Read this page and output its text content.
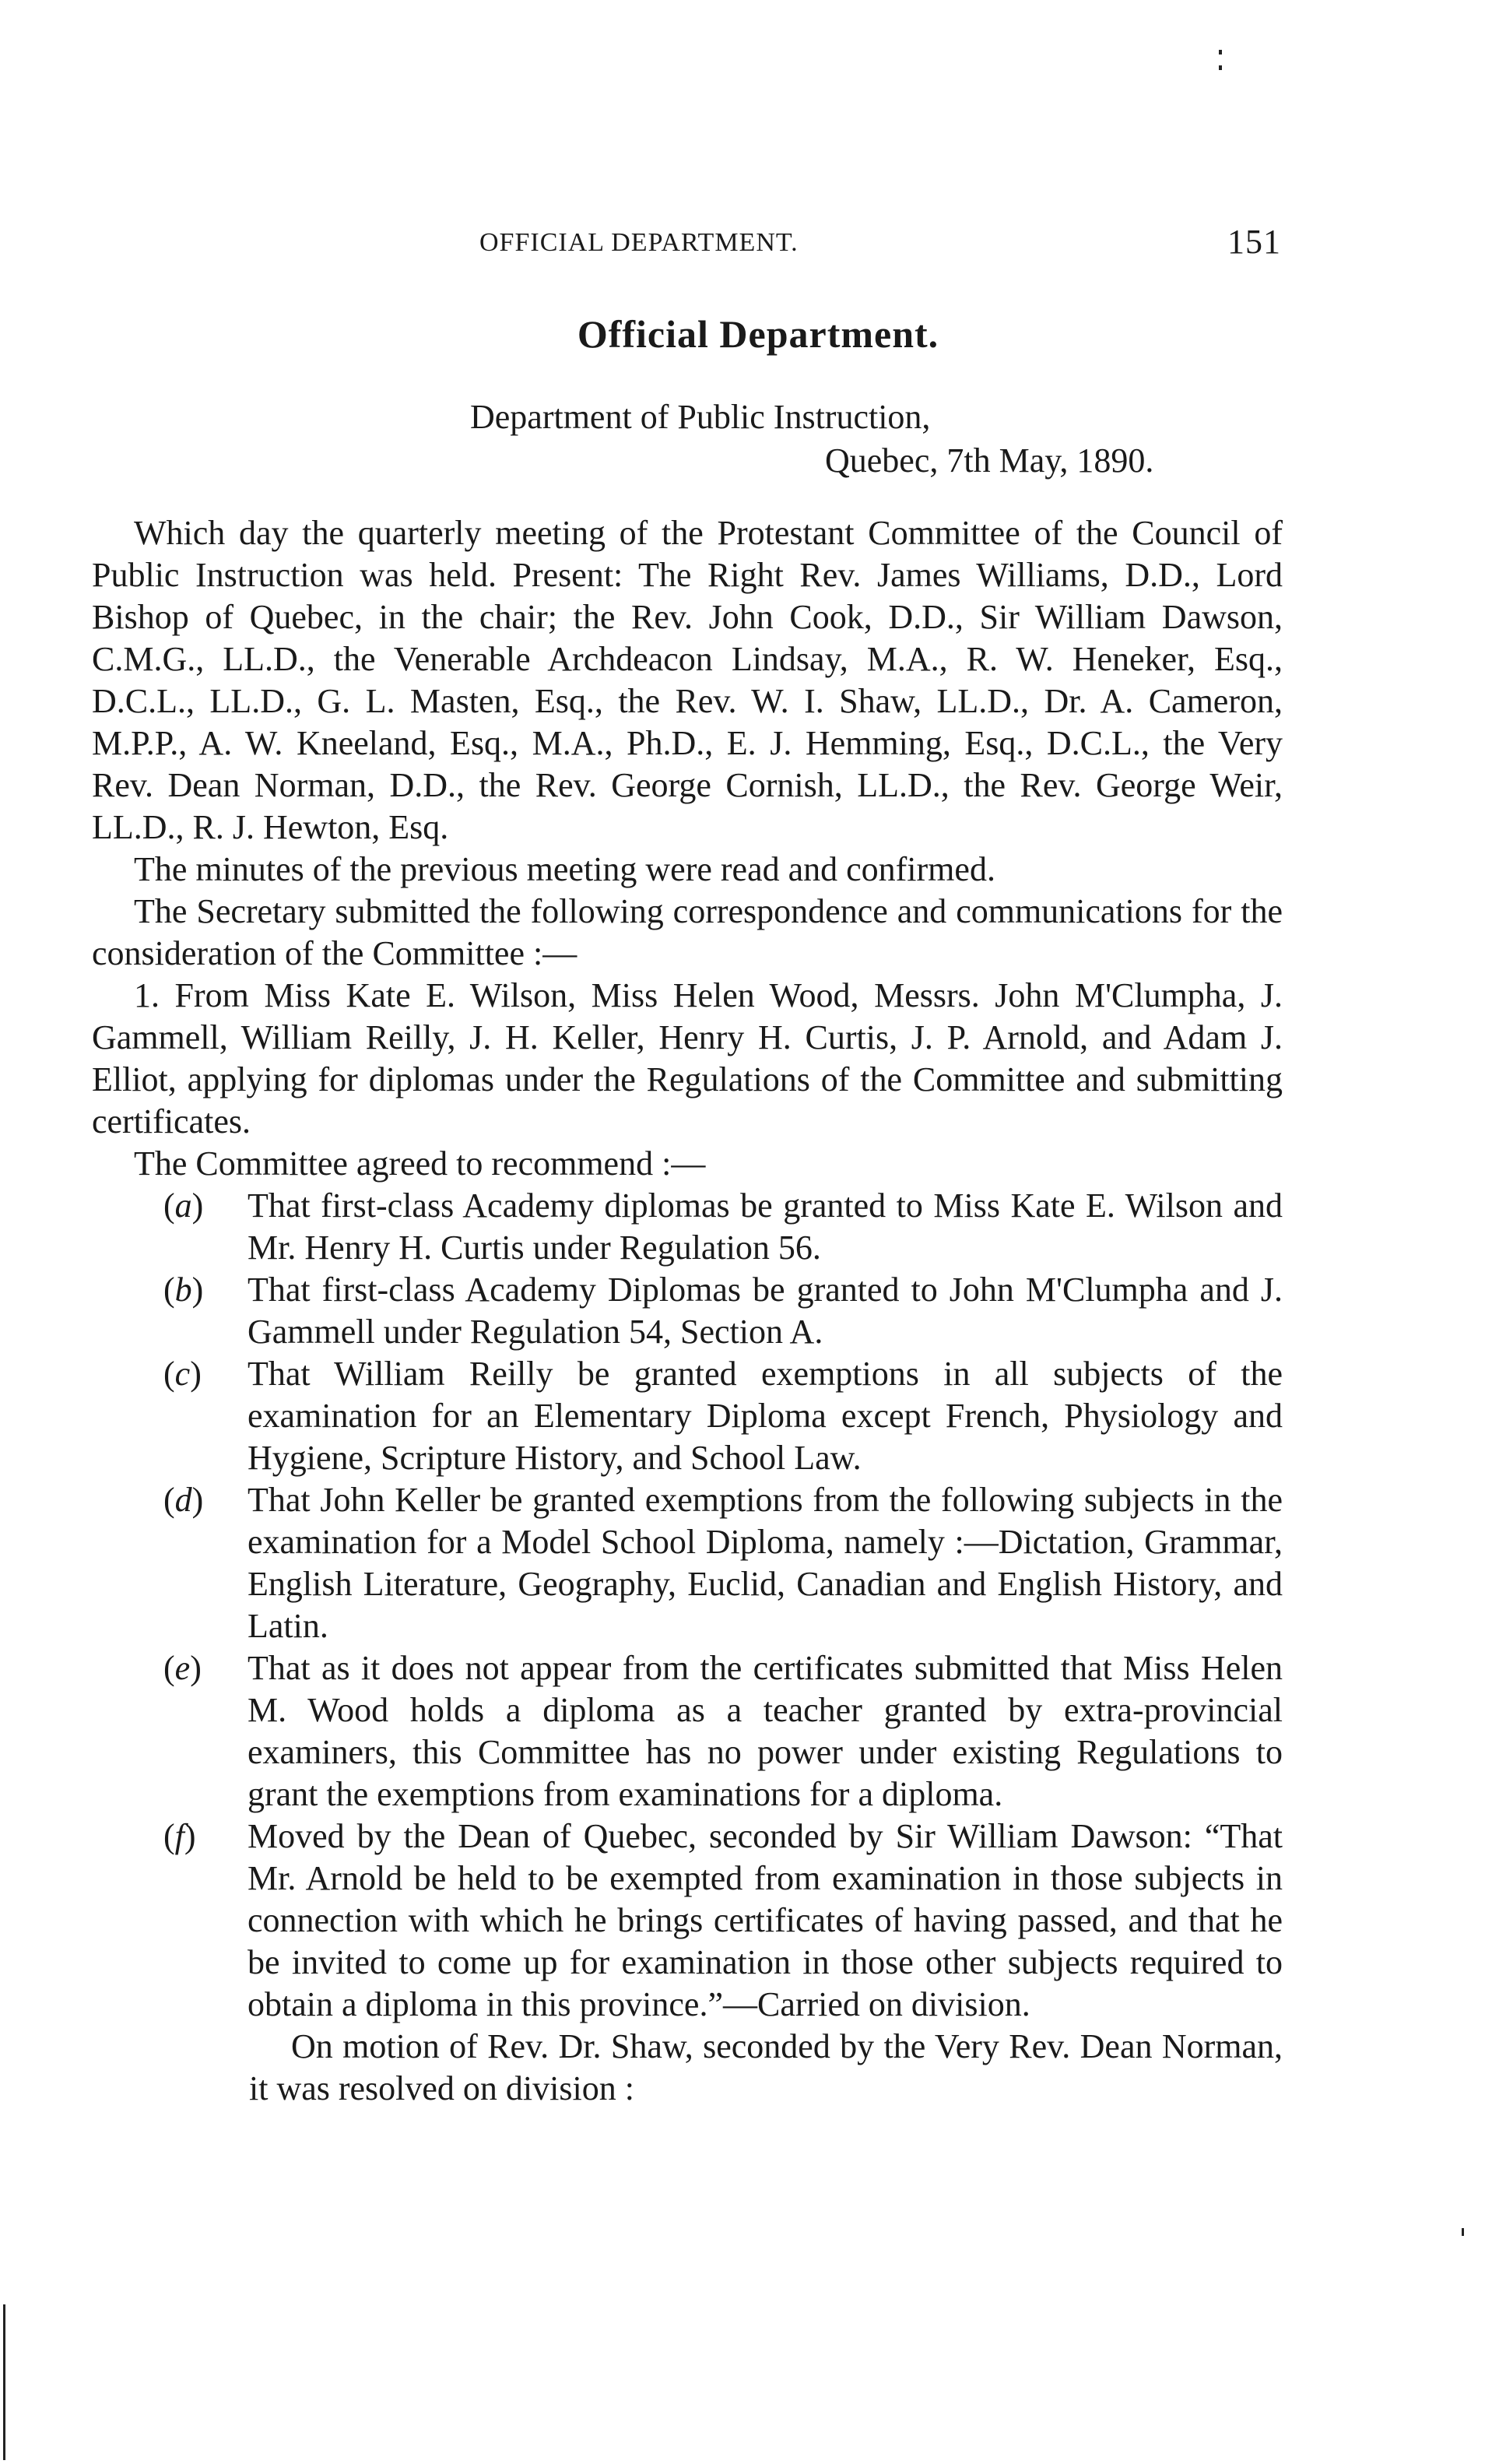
OFFICIAL DEPARTMENT.	151
Official Department.
Department of Public Instruction,
Quebec, 7th May, 1890.

Which day the quarterly meeting of the Protestant Committee of the Council of Public Instruction was held. Present: The Right Rev. James Williams, D.D., Lord Bishop of Quebec, in the chair; the Rev. John Cook, D.D., Sir William Dawson, C.M.G., LL.D., the Venerable Archdeacon Lindsay, M.A., R. W. Heneker, Esq., D.C.L., LL.D., G. L. Masten, Esq., the Rev. W. I. Shaw, LL.D., Dr. A. Cameron, M.P.P., A. W. Kneeland, Esq., M.A., Ph.D., E. J. Hemming, Esq., D.C.L., the Very Rev. Dean Norman, D.D., the Rev. George Cornish, LL.D., the Rev. George Weir, LL.D., R. J. Hewton, Esq.

The minutes of the previous meeting were read and confirmed.

The Secretary submitted the following correspondence and communications for the consideration of the Committee :—

1. From Miss Kate E. Wilson, Miss Helen Wood, Messrs. John M'Clumpha, J. Gammell, William Reilly, J. H. Keller, Henry H. Curtis, J. P. Arnold, and Adam J. Elliot, applying for diplomas under the Regulations of the Committee and submitting certificates.

The Committee agreed to recommend :—

(a)	That first-class Academy diplomas be granted to Miss Kate E. Wilson and Mr. Henry H. Curtis under Regulation 56.
(b)	That first-class Academy Diplomas be granted to John M'Clumpha and J. Gammell under Regulation 54, Section A.
(c)	That William Reilly be granted exemptions in all subjects of the examination for an Elementary Diploma except French, Physiology and Hygiene, Scripture History, and School Law.
(d)	That John Keller be granted exemptions from the following subjects in the examination for a Model School Diploma, namely :—Dictation, Grammar, English Literature, Geography, Euclid, Canadian and English History, and Latin.
(e)	That as it does not appear from the certificates submitted that Miss Helen M. Wood holds a diploma as a teacher granted by extra-provincial examiners, this Committee has no power under existing Regulations to grant the exemptions from examinations for a diploma.
(f)	Moved by the Dean of Quebec, seconded by Sir William Dawson: “That Mr. Arnold be held to be exempted from examination in those subjects in connection with which he brings certificates of having passed, and that he be invited to come up for examination in those other subjects required to obtain a diploma in this province.”—Carried on division.

On motion of Rev. Dr. Shaw, seconded by the Very Rev. Dean Norman, it was resolved on division :
